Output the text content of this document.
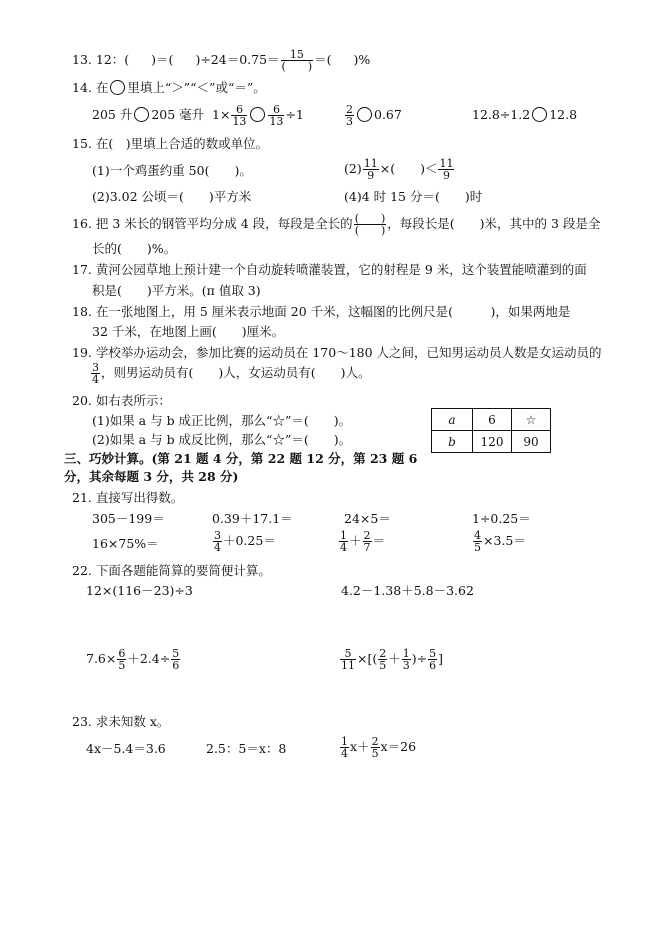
13. 12：( )＝( )$\div 24=0.75= \frac{15}{( )}$ ＝( )%
14. 在 里填上“＞”“＜”或“＝”。
205 升 205 毫升 $1\times \frac{6}{13} \frac{6}{13} \div 1$	$\frac{2}{3} 0.67$	12.8÷1.2 12.8
15. 在(　)里填上合适的数或单位。
(1)一个鸡蛋约重 50(　　)。	$(2) \frac{11}{9}$ ×(　　)＜ $\frac{11}{9}$
(2)3.02 公顷＝(　　)平方米	(4)4 时 15 分＝(　　)时
16. 把 3 米长的钢管平均分成 4 段，每段是全长的 $\frac{( )}{( )}$ ，每段长是(　　)米，其中的 3 段是全
长的(　　)%。
17. 黄河公园草地上预计建一个自动旋转喷灌装置，它的射程是 9 米，这个装置能喷灌到的面
积是(　　)平方米。(π 值取 3)
18. 在一张地图上，用 5 厘米表示地面 20 千米，这幅图的比例尺是(　　　)，如果两地是
32 千米，在地图上画(　　)厘米。
19. 学校举办运动会，参加比赛的运动员在 170～180 人之间，已知男运动员人数是女运动员的
$\frac{3}{4}$ ，则男运动员有(　　)人，女运动员有(　　)人。
20. 如右表所示：
(1)如果 a 与 b 成正比例，那么“☆”＝(　　)。
(2)如果 a 与 b 成反比例，那么“☆”＝(　　)。
a	6	☆
b	120	90
三、巧妙计算。(第 21 题 4 分，第 22 题 12 分，第 23 题 6
分，其余每题 3 分，共 28 分)
21. 直接写出得数。
305－199＝	0.39＋17.1＝	24×5＝	1÷0.25＝
16×75%＝	$\frac{3}{4} +0.25=$	$\frac{1}{4} + \frac{2}{7}$ ＝	$\frac{4}{5} \times 3.5=$
22. 下面各题能简算的要简便计算。
12×(116－23)÷3	4.2－1.38＋5.8－3.62
$7.6\times \frac{6}{5} +2.4\div \frac{5}{6}$	$\frac{5}{11}$ ×[( $\frac{2}{5} + \frac{1}{3}$ )÷ $\frac{5}{6}$ ]
23. 求未知数 x。
4x－5.4＝3.6	2.5：5＝x：8	$\frac{1}{4} x+ \frac{2}{5} x=26$
